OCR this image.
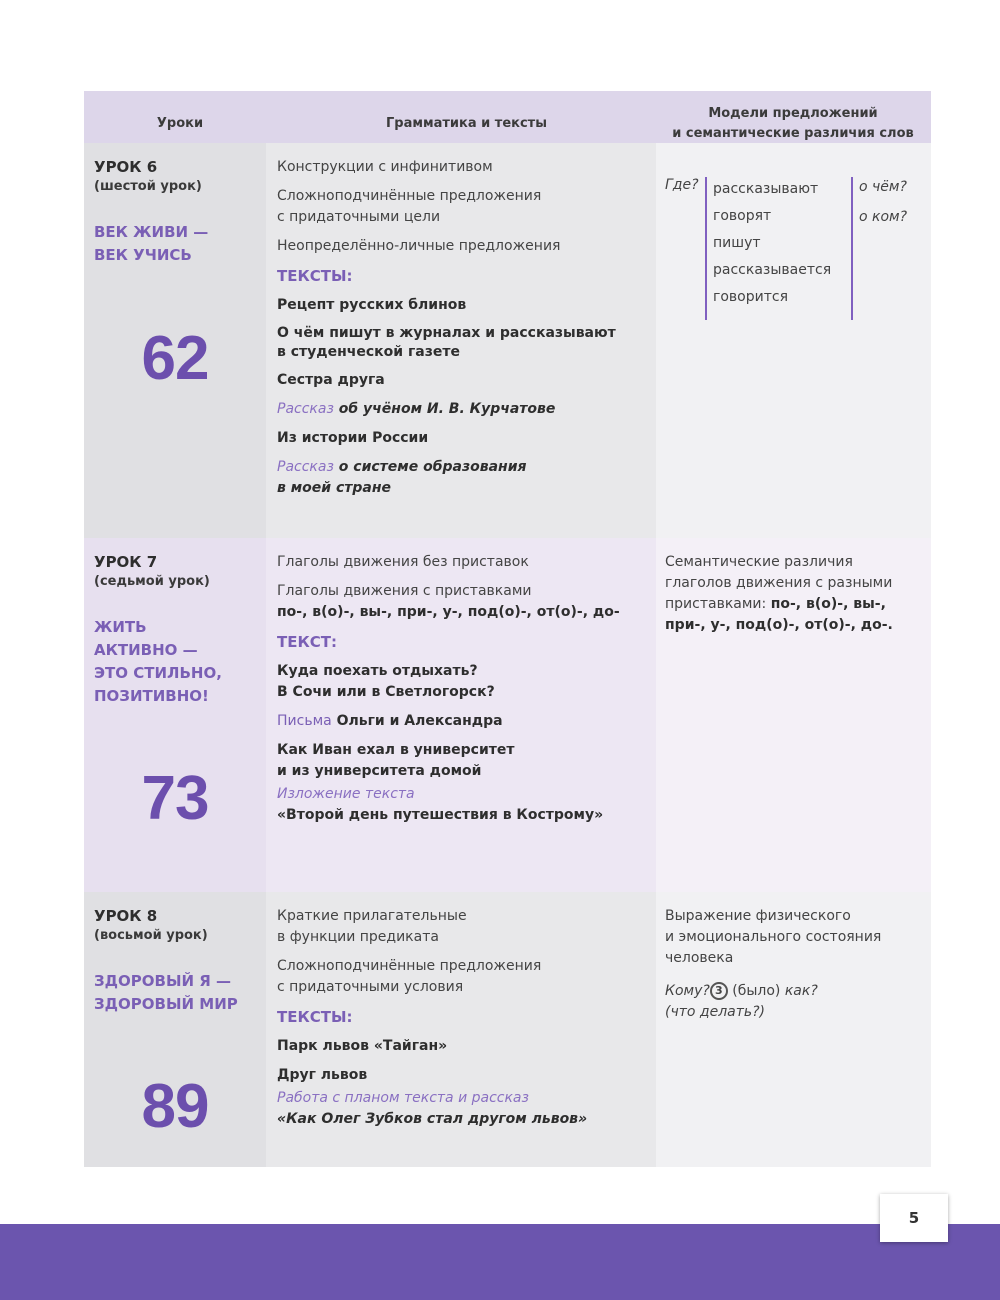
Уроки	Грамматика и тексты
Модели предложений
и семантические различия слов
УРОК 6
(шестой урок)
ВЕК ЖИВИ —
ВЕК УЧИСЬ
62

Конструкции с инфинитивом

Сложноподчинённые предложения
с придаточными цели

Неопределённо-личные предложения

ТЕКСТЫ:

Рецепт русских блинов

О чём пишут в журналах и рассказывают
в студенческой газете

Сестра друга

Рассказ об учёном И. В. Курчатове

Из истории России

Рассказ о системе образования
в моей стране

Где? рассказывают
говорят
пишут
рассказывается
говорится
о чём?
о ком?
УРОК 7
(седьмой урок)
ЖИТЬ
АКТИВНО —
ЭТО СТИЛЬНО,
ПОЗИТИВНО!
73

Глаголы движения без приставок

Глаголы движения с приставками
по-, в(о)-, вы-, при-, у-, под(о)-, от(о)-, до-

ТЕКСТ:

Куда поехать отдыхать?
В Сочи или в Светлогорск?

Письма Ольги и Александра

Как Иван ехал в университет
и из университета домой

Изложение текста
«Второй день путешествия в Кострому»

Семантические различия
глаголов движения с разными
приставками: по-, в(о)-, вы-,
при-, у-, под(о)-, от(о)-, до-.

УРОК 8
(восьмой урок)
ЗДОРОВЫЙ Я —
ЗДОРОВЫЙ МИР
89

Краткие прилагательные
в функции предиката

Сложноподчинённые предложения
с придаточными условия

ТЕКСТЫ:

Парк львов «Тайган»

Друг львов

Работа с планом текста и рассказ
«Как Олег Зубков стал другом львов»

Выражение физического
и эмоционального состояния
человека

Кому? 3 (было) как?
(что делать?)

5
